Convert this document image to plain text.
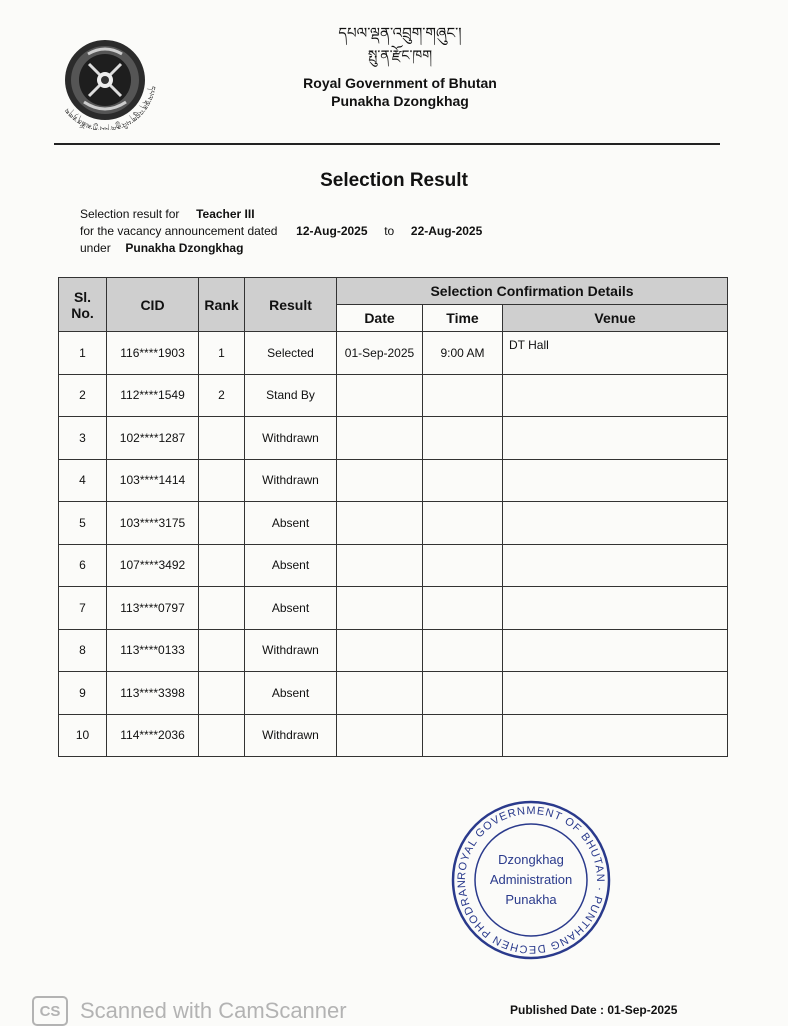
དཔལ་ལྡན་འབྲུག་པའི་རྒྱལ་ཁབ་ཀྱི་མཚོན་རྟགས
དཔལ་ལྡན་འབྲུག་གཞུང་།
སྤུ་ན་རྫོང་ཁག
Royal Government of Bhutan
Punakha Dzongkhag
Selection Result
Selection result for Teacher III
for the vacancy announcement dated 12-Aug-2025 to 22-Aug-2025
under Punakha Dzongkhag
Sl.
No.	CID	Rank	Result	Selection Confirmation Details		
				Date	Time	Venue
1	116****1903	1	Selected	01-Sep-2025	9:00 AM	DT Hall
2	112****1549	2	Stand By			
3	102****1287		Withdrawn			
4	103****1414		Withdrawn			
5	103****3175		Absent			
6	107****3492		Absent			
7	113****0797		Absent			
8	113****0133		Withdrawn			
9	113****3398		Absent			
10	114****2036		Withdrawn			
ROYAL GOVERNMENT OF BHUTAN · PUNTHANG DECHEN PHODRAN
Dzongkhag
Administration
Punakha
CS Scanned with CamScanner	Published Date : 01-Sep-2025
